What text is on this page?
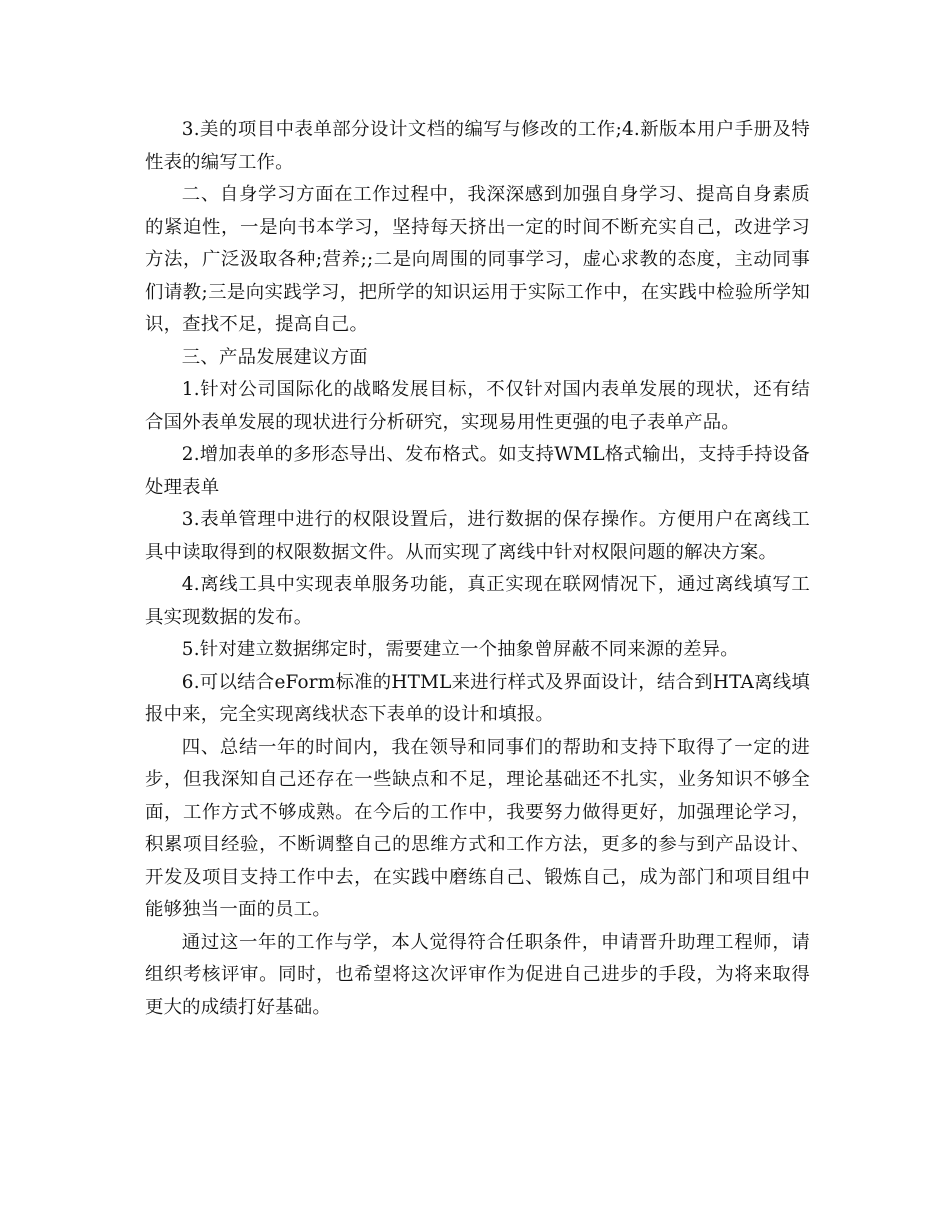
3.美的项目中表单部分设计文档的编写与修改的工作;4.新版本用户手册及特性表的编写工作。

二、自身学习方面在工作过程中，我深深感到加强自身学习、提高自身素质的紧迫性，一是向书本学习，坚持每天挤出一定的时间不断充实自己，改进学习方法，广泛汲取各种;营养;;二是向周围的同事学习，虚心求教的态度，主动同事们请教;三是向实践学习，把所学的知识运用于实际工作中，在实践中检验所学知识，查找不足，提高自己。

三、产品发展建议方面

1.针对公司国际化的战略发展目标，不仅针对国内表单发展的现状，还有结合国外表单发展的现状进行分析研究，实现易用性更强的电子表单产品。

2.增加表单的多形态导出、发布格式。如支持WML格式输出，支持手持设备处理表单

3.表单管理中进行的权限设置后，进行数据的保存操作。方便用户在离线工具中读取得到的权限数据文件。从而实现了离线中针对权限问题的解决方案。

4.离线工具中实现表单服务功能，真正实现在联网情况下，通过离线填写工具实现数据的发布。

5.针对建立数据绑定时，需要建立一个抽象曾屏蔽不同来源的差异。

6.可以结合eForm标准的HTML来进行样式及界面设计，结合到HTA离线填报中来，完全实现离线状态下表单的设计和填报。

四、总结一年的时间内，我在领导和同事们的帮助和支持下取得了一定的进步，但我深知自己还存在一些缺点和不足，理论基础还不扎实，业务知识不够全面，工作方式不够成熟。在今后的工作中，我要努力做得更好，加强理论学习，积累项目经验，不断调整自己的思维方式和工作方法，更多的参与到产品设计、开发及项目支持工作中去，在实践中磨练自己、锻炼自己，成为部门和项目组中能够独当一面的员工。

通过这一年的工作与学，本人觉得符合任职条件，申请晋升助理工程师，请组织考核评审。同时，也希望将这次评审作为促进自己进步的手段，为将来取得更大的成绩打好基础。
